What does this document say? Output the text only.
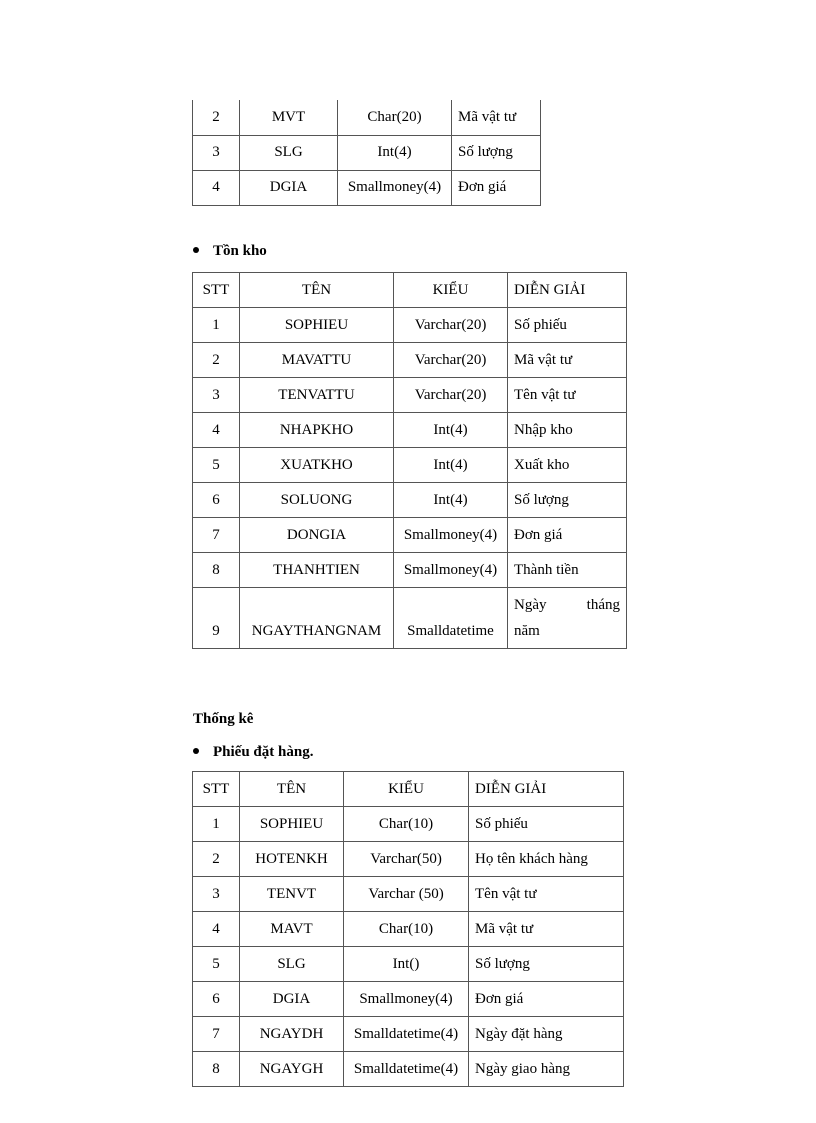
2	MVT	Char(20)	Mã vật tư
3	SLG	Int(4)	Số lượng
4	DGIA	Smallmoney(4)	Đơn giá
Tồn kho
STT	TÊN	KIỂU	DIỄN GIẢI
1	SOPHIEU	Varchar(20)	Số phiếu
2	MAVATTU	Varchar(20)	Mã vật tư
3	TENVATTU	Varchar(20)	Tên vật tư
4	NHAPKHO	Int(4)	Nhập kho
5	XUATKHO	Int(4)	Xuất kho
6	SOLUONG	Int(4)	Số lượng
7	DONGIA	Smallmoney(4)	Đơn giá
8	THANHTIEN	Smallmoney(4)	Thành tiền
9	NGAYTHANGNAM	Smalldatetime	Ngày tháng
năm
Thống kê
Phiếu đặt hàng.
STT	TÊN	KIỂU	DIỄN GIẢI
1	SOPHIEU	Char(10)	Số phiếu
2	HOTENKH	Varchar(50)	Họ tên khách hàng
3	TENVT	Varchar (50)	Tên vật tư
4	MAVT	Char(10)	Mã vật tư
5	SLG	Int()	Số lượng
6	DGIA	Smallmoney(4)	Đơn giá
7	NGAYDH	Smalldatetime(4)	Ngày đặt hàng
8	NGAYGH	Smalldatetime(4)	Ngày giao hàng
